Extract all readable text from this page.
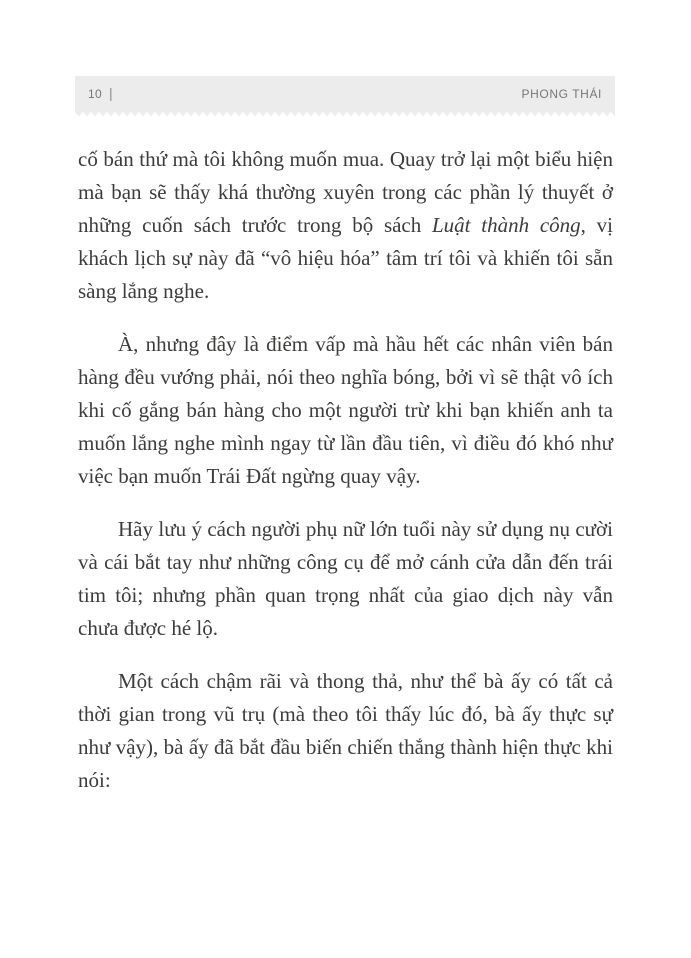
10 |	PHONG THÁI

cố bán thứ mà tôi không muốn mua. Quay trở lại một biểu hiện mà bạn sẽ thấy khá thường xuyên trong các phần lý thuyết ở những cuốn sách trước trong bộ sách Luật thành công, vị khách lịch sự này đã “vô hiệu hóa” tâm trí tôi và khiến tôi sẵn sàng lắng nghe.

À, nhưng đây là điểm vấp mà hầu hết các nhân viên bán hàng đều vướng phải, nói theo nghĩa bóng, bởi vì sẽ thật vô ích khi cố gắng bán hàng cho một người trừ khi bạn khiến anh ta muốn lắng nghe mình ngay từ lần đầu tiên, vì điều đó khó như việc bạn muốn Trái Đất ngừng quay vậy.

Hãy lưu ý cách người phụ nữ lớn tuổi này sử dụng nụ cười và cái bắt tay như những công cụ để mở cánh cửa dẫn đến trái tim tôi; nhưng phần quan trọng nhất của giao dịch này vẫn chưa được hé lộ.

Một cách chậm rãi và thong thả, như thể bà ấy có tất cả thời gian trong vũ trụ (mà theo tôi thấy lúc đó, bà ấy thực sự như vậy), bà ấy đã bắt đầu biến chiến thắng thành hiện thực khi nói:
